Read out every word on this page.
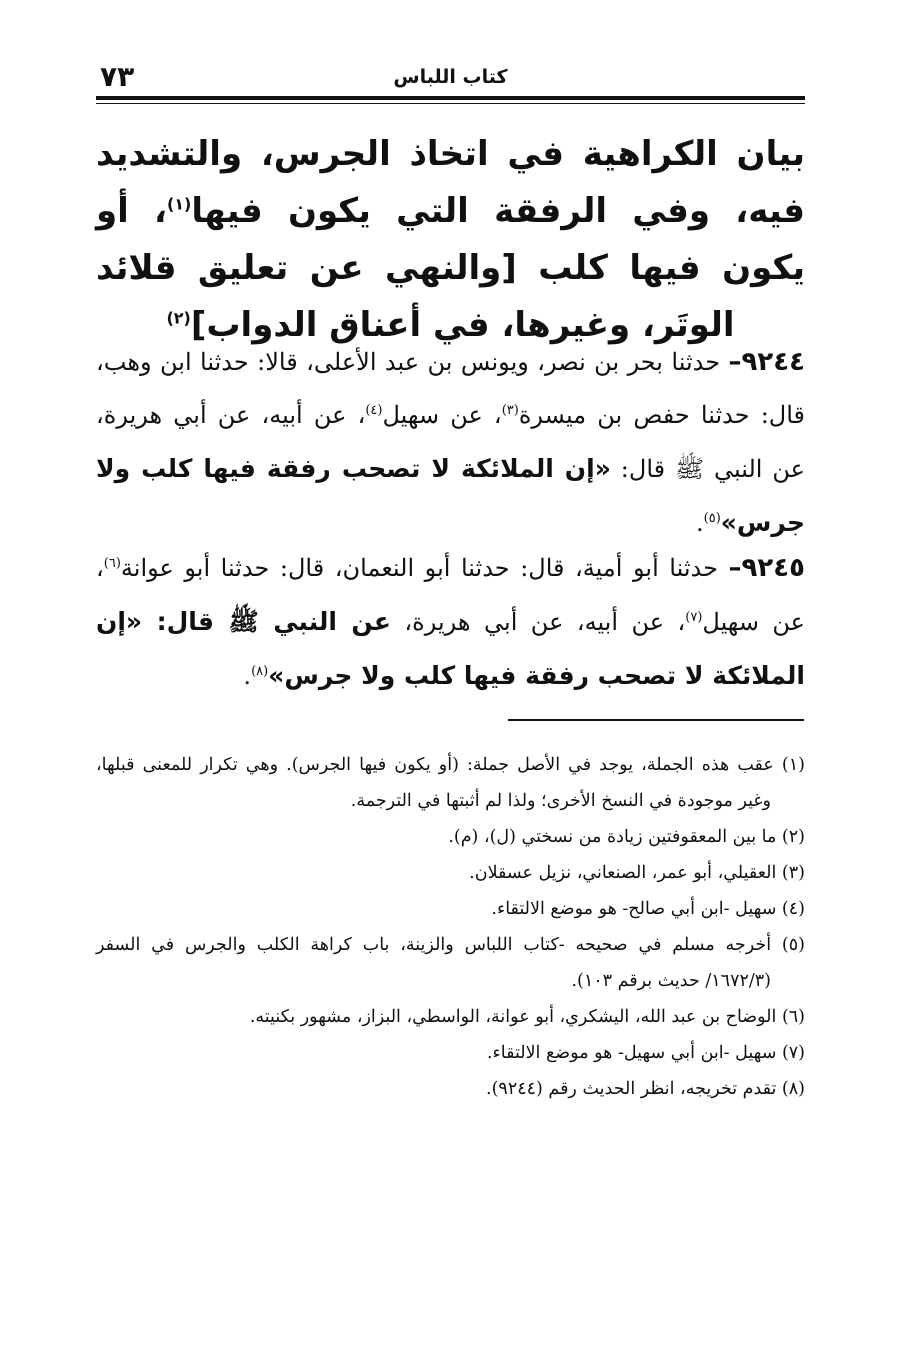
كتاب اللباس
٧٣
بيان الكراهية في اتخاذ الجرس، والتشديد فيه، وفي الرفقة التي يكون فيها$^{(١)}$، أو يكون فيها كلب [والنهي عن تعليق قلائد الوتَر، وغيرها، في أعناق الدواب]$^{(٢)}$

٩٢٤٤– حدثنا بحر بن نصر، ويونس بن عبد الأعلى، قالا: حدثنا ابن وهب، قال: حدثنا حفص بن ميسرة$^{(٣)}$، عن سهيل$^{(٤)}$، عن أبيه، عن أبي هريرة، عن النبي ﷺ قال: «إن الملائكة لا تصحب رفقة فيها كلب ولا جرس»$^{(٥)}$.

٩٢٤٥– حدثنا أبو أمية، قال: حدثنا أبو النعمان، قال: حدثنا أبو عوانة$^{(٦)}$، عن سهيل$^{(٧)}$، عن أبيه، عن أبي هريرة، عن النبي ﷺ قال: «إن الملائكة لا تصحب رفقة فيها كلب ولا جرس»$^{(٨)}$.

(١) عقب هذه الجملة، يوجد في الأصل جملة: (أو يكون فيها الجرس). وهي تكرار للمعنى قبلها، وغير موجودة في النسخ الأخرى؛ ولذا لم أثبتها في الترجمة.

(٢) ما بين المعقوفتين زيادة من نسختي (ل)، (م).

(٣) العقيلي، أبو عمر، الصنعاني، نزيل عسقلان.

(٤) سهيل -ابن أبي صالح- هو موضع الالتقاء.

(٥) أخرجه مسلم في صحيحه -كتاب اللباس والزينة، باب كراهة الكلب والجرس في السفر (١٦٧٢/٣/ حديث برقم ١٠٣).

(٦) الوضاح بن عبد الله، اليشكري، أبو عوانة، الواسطي، البزاز، مشهور بكنيته.

(٧) سهيل -ابن أبي سهيل- هو موضع الالتقاء.

(٨) تقدم تخريجه، انظر الحديث رقم (٩٢٤٤).
